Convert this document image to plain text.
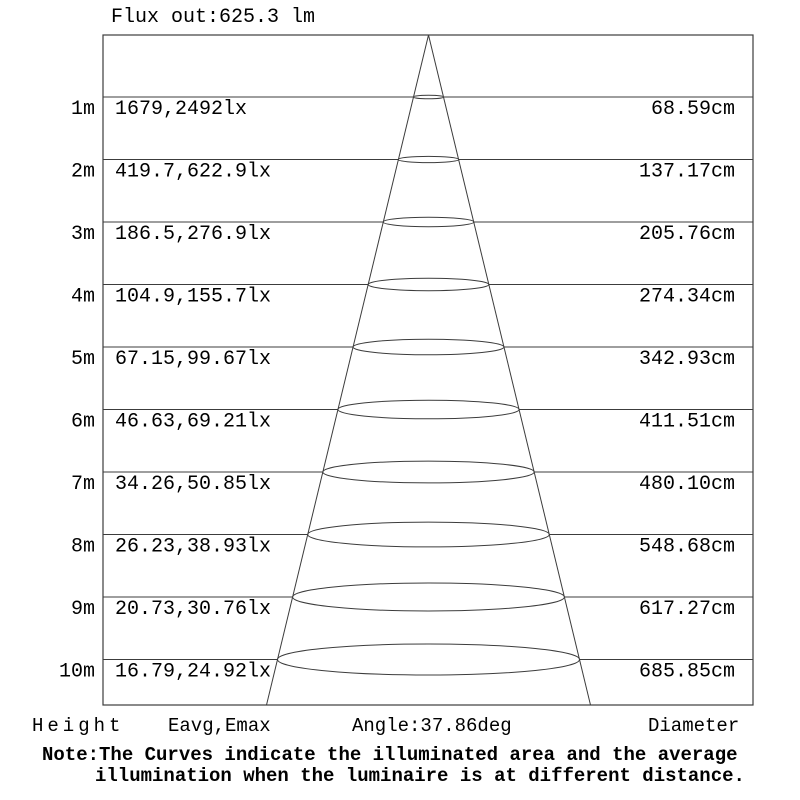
Flux out:625.3 lm
1m 1679,2492lx	68.59cm
2m 419.7,622.9lx	137.17cm
3m 186.5,276.9lx	205.76cm
4m 104.9,155.7lx	274.34cm
5m 67.15,99.67lx	342.93cm
6m 46.63,69.21lx	411.51cm
7m 34.26,50.85lx	480.10cm
8m 26.23,38.93lx	548.68cm
9m 20.73,30.76lx	617.27cm
10m 16.79,24.92lx	685.85cm
Height Eavg,Emax	Angle:37.86deg	Diameter
Note:The Curves indicate the illuminated area and the average
illumination when the luminaire is at different distance.
